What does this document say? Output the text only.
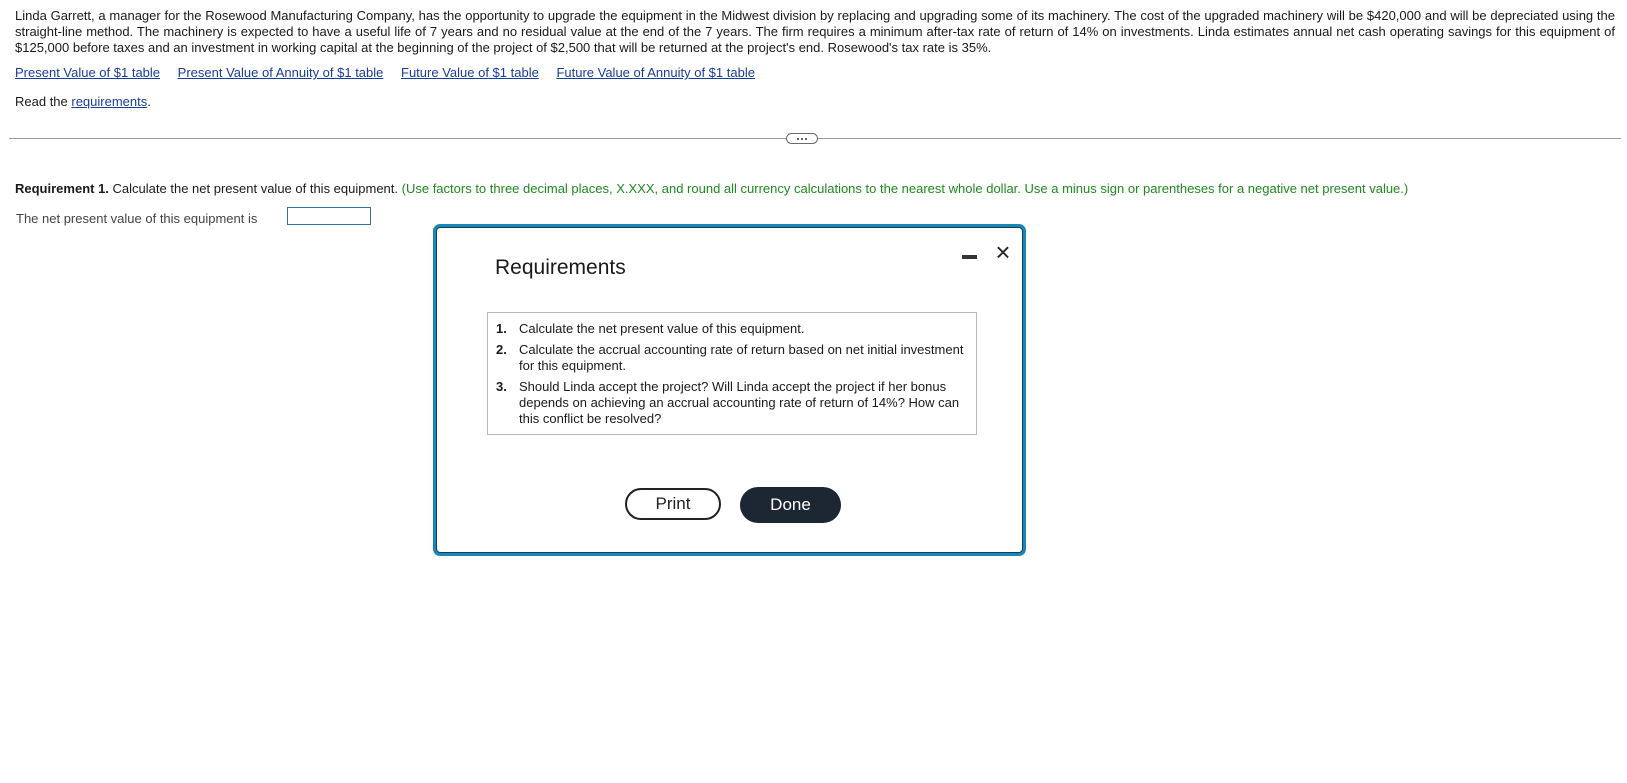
Linda Garrett, a manager for the Rosewood Manufacturing Company, has the opportunity to upgrade the equipment in the Midwest division by replacing and upgrading some of its machinery. The cost of the upgraded machinery will be $420,000 and will be depreciated using the straight-line method. The machinery is expected to have a useful life of 7 years and no residual value at the end of the 7 years. The firm requires a minimum after-tax rate of return of 14% on investments. Linda estimates annual net cash operating savings for this equipment of $125,000 before taxes and an investment in working capital at the beginning of the project of $2,500 that will be returned at the project's end. Rosewood's tax rate is 35%.
Present Value of $1 table Present Value of Annuity of $1 table Future Value of $1 table Future Value of Annuity of $1 table
Read the requirements.
Requirement 1. Calculate the net present value of this equipment. (Use factors to three decimal places, X.XXX, and round all currency calculations to the nearest whole dollar. Use a minus sign or parentheses for a negative net present value.)
The net present value of this equipment is
Requirements
×
1. Calculate the net present value of this equipment.
2. Calculate the accrual accounting rate of return based on net initial investment for this equipment.
3. Should Linda accept the project? Will Linda accept the project if her bonus depends on achieving an accrual accounting rate of return of 14%? How can this conflict be resolved?
Print	Done
